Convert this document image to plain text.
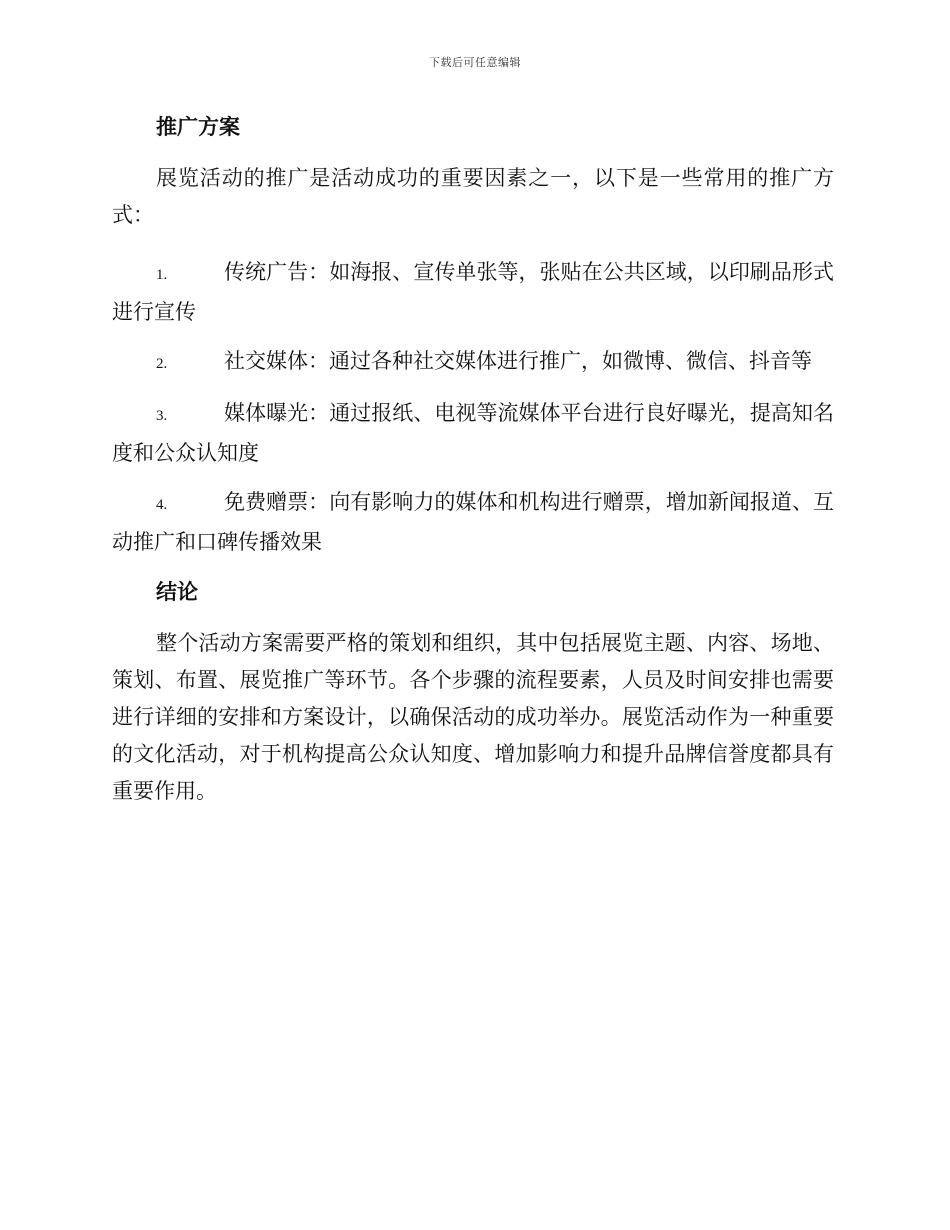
下载后可任意编辑
推广方案

展览活动的推广是活动成功的重要因素之一，以下是一些常用的推广方式：

1.	传统广告：如海报、宣传单张等，张贴在公共区域，以印刷品形式进行宣传
2.	社交媒体：通过各种社交媒体进行推广，如微博、微信、抖音等
3.	媒体曝光：通过报纸、电视等流媒体平台进行良好曝光，提高知名度和公众认知度
4.	免费赠票：向有影响力的媒体和机构进行赠票，增加新闻报道、互动推广和口碑传播效果
结论

整个活动方案需要严格的策划和组织，其中包括展览主题、内容、场地、策划、布置、展览推广等环节。各个步骤的流程要素，人员及时间安排也需要进行详细的安排和方案设计，以确保活动的成功举办。展览活动作为一种重要的文化活动，对于机构提高公众认知度、增加影响力和提升品牌信誉度都具有重要作用。
